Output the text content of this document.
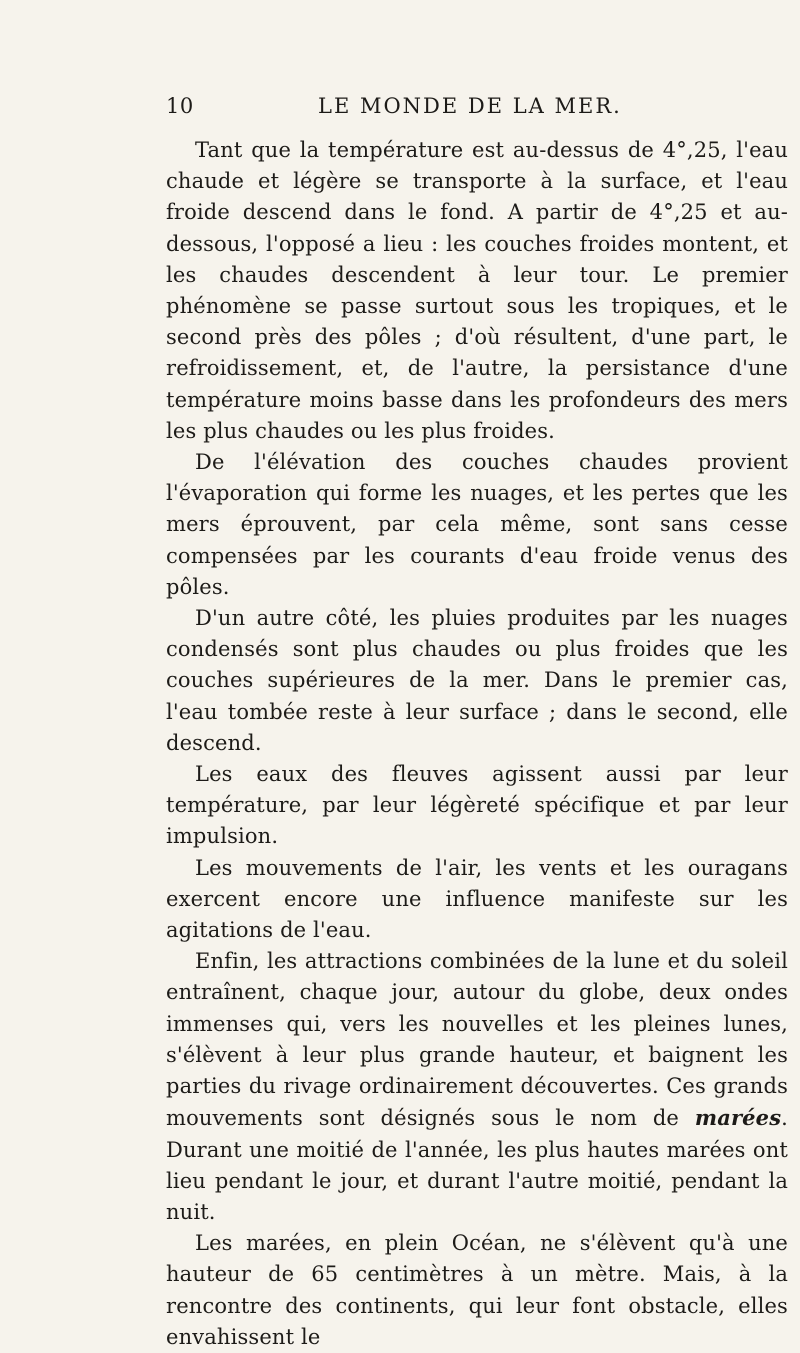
10	LE MONDE DE LA MER.

Tant que la température est au-dessus de 4°,25, l'eau chaude et légère se transporte à la surface, et l'eau froide descend dans le fond. A partir de 4°,25 et au-dessous, l'opposé a lieu : les couches froides montent, et les chaudes descendent à leur tour. Le premier phénomène se passe surtout sous les tropiques, et le second près des pôles ; d'où résultent, d'une part, le refroidissement, et, de l'autre, la persistance d'une température moins basse dans les profondeurs des mers les plus chaudes ou les plus froides.

De l'élévation des couches chaudes provient l'évaporation qui forme les nuages, et les pertes que les mers éprouvent, par cela même, sont sans cesse compensées par les courants d'eau froide venus des pôles.

D'un autre côté, les pluies produites par les nuages condensés sont plus chaudes ou plus froides que les couches supérieures de la mer. Dans le premier cas, l'eau tombée reste à leur surface ; dans le second, elle descend.

Les eaux des fleuves agissent aussi par leur température, par leur légèreté spécifique et par leur impulsion.

Les mouvements de l'air, les vents et les ouragans exercent encore une influence manifeste sur les agitations de l'eau.

Enfin, les attractions combinées de la lune et du soleil entraînent, chaque jour, autour du globe, deux ondes immenses qui, vers les nouvelles et les pleines lunes, s'élèvent à leur plus grande hauteur, et baignent les parties du rivage ordinairement découvertes. Ces grands mouvements sont désignés sous le nom de marées. Durant une moitié de l'année, les plus hautes marées ont lieu pendant le jour, et durant l'autre moitié, pendant la nuit.

Les marées, en plein Océan, ne s'élèvent qu'à une hauteur de 65 centimètres à un mètre. Mais, à la rencontre des continents, qui leur font obstacle, elles envahissent le
